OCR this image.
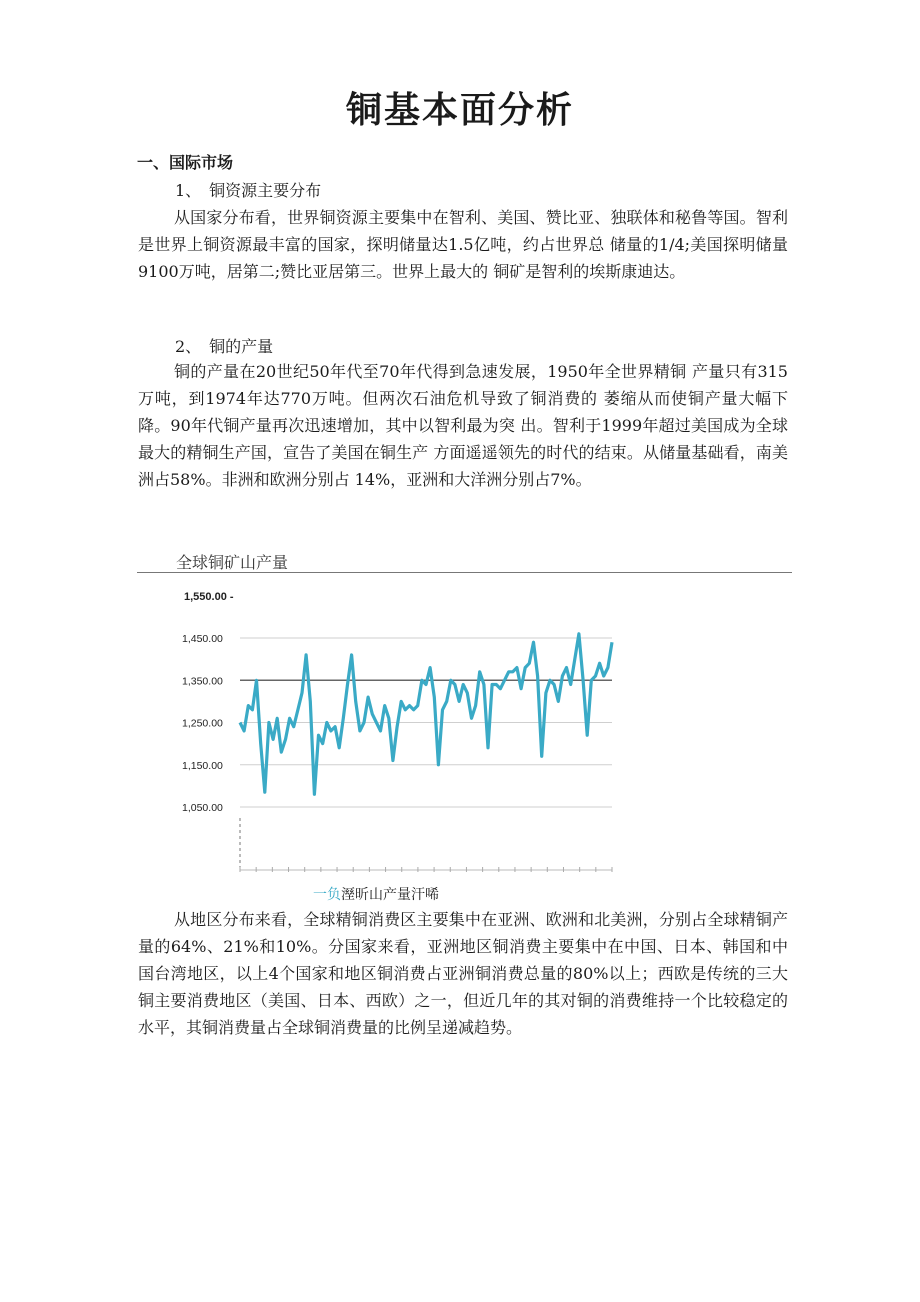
铜基本面分析

一、国际市场

1、　铜资源主要分布

从国家分布看，世界铜资源主要集中在智利、美国、赞比亚、独联体和秘鲁等国。智利是世界上铜资源最丰富的国家，探明储量达1.5亿吨，约占世界总 储量的1/4;美国探明储量9100万吨，居第二;赞比亚居第三。世界上最大的 铜矿是智利的埃斯康迪达。

2、　铜的产量

铜的产量在20世纪50年代至70年代得到急速发展，1950年全世界精铜 产量只有315万吨，到1974年达770万吨。但两次石油危机导致了铜消费的 萎缩从而使铜产量大幅下降。90年代铜产量再次迅速增加，其中以智利最为突 出。智利于1999年超过美国成为全球最大的精铜生产国，宣告了美国在铜生产 方面遥遥领先的时代的结束。从储量基础看，南美洲占58%。非洲和欧洲分别占 14%，亚洲和大洋洲分别占7%。

全球铜矿山产量
1,550.00 -
1,450.00
1,350.00
1,250.00
1,150.00
1,050.00
一负溼昕山产量汗唏

从地区分布来看，全球精铜消费区主要集中在亚洲、欧洲和北美洲，分别占全球精铜产量的64%、21%和10%。分国家来看，亚洲地区铜消费主要集中在中国、日本、韩国和中国台湾地区，以上4个国家和地区铜消费占亚洲铜消费总量的80%以上；西欧是传统的三大铜主要消费地区（美国、日本、西欧）之一，但近几年的其对铜的消费维持一个比较稳定的水平，其铜消费量占全球铜消费量的比例呈递减趋势。
